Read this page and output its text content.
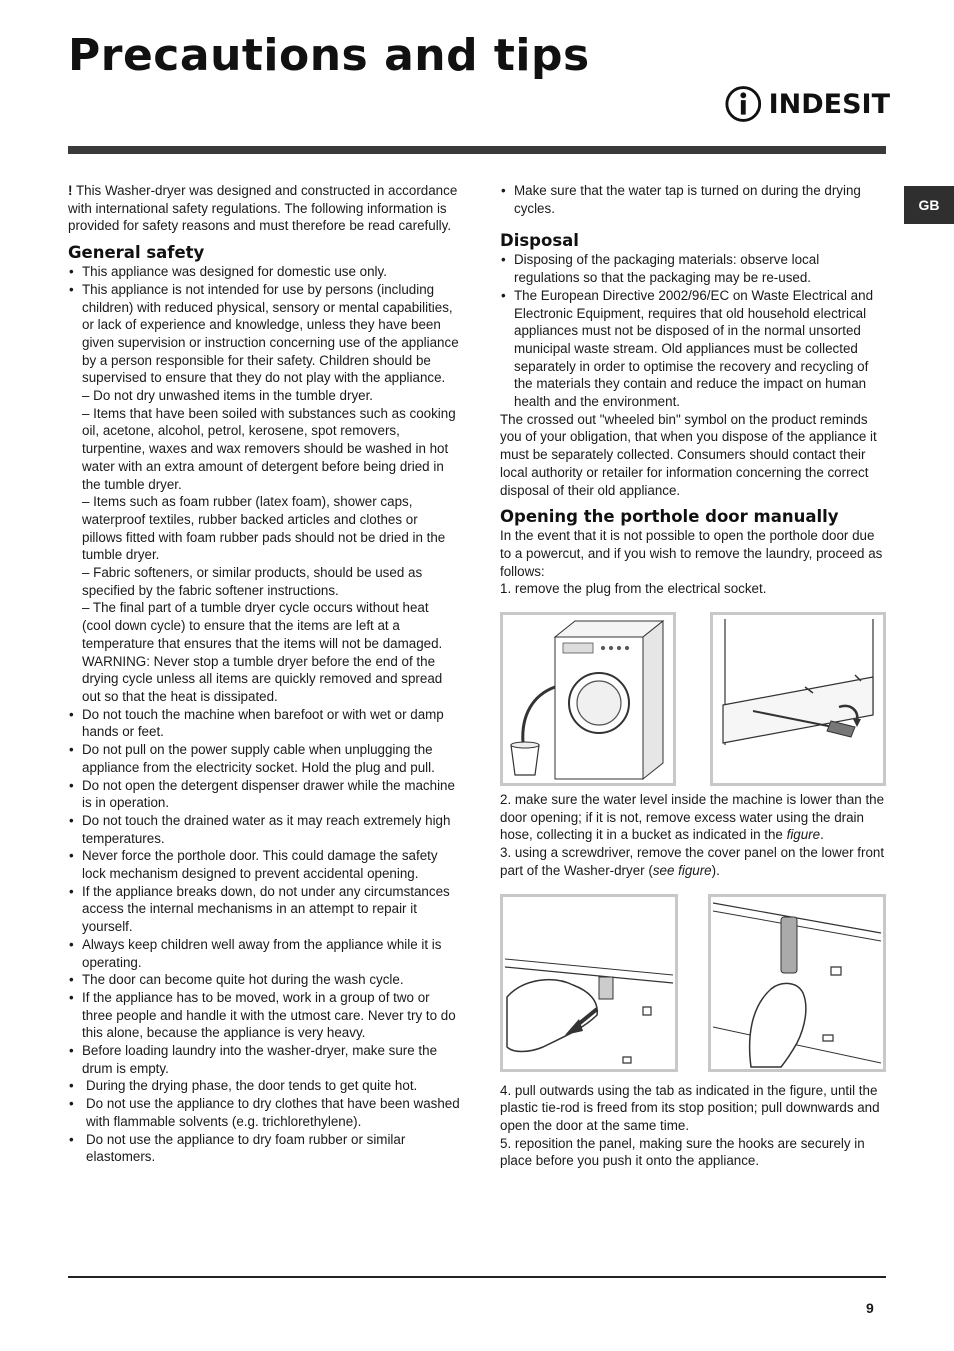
Precautions and tips
INDESIT
GB

! This Washer-dryer was designed and constructed in accordance with international safety regulations. The following information is provided for safety reasons and must therefore be read carefully.

General safety
• This appliance was designed for domestic use only.
• This appliance is not intended for use by persons (including children) with reduced physical, sensory or mental capabilities, or lack of experience and knowledge, unless they have been given supervision or instruction concerning use of the appliance by a person responsible for their safety. Children should be supervised to ensure that they do not play with the appliance.
– Do not dry unwashed items in the tumble dryer.
– Items that have been soiled with substances such as cooking oil, acetone, alcohol, petrol, kerosene, spot removers, turpentine, waxes and wax removers should be washed in hot water with an extra amount of detergent before being dried in the tumble dryer.
– Items such as foam rubber (latex foam), shower caps, waterproof textiles, rubber backed articles and clothes or pillows fitted with foam rubber pads should not be dried in the tumble dryer.
– Fabric softeners, or similar products, should be used as specified by the fabric softener instructions.
– The final part of a tumble dryer cycle occurs without heat (cool down cycle) to ensure that the items are left at a temperature that ensures that the items will not be damaged.
WARNING: Never stop a tumble dryer before the end of the drying cycle unless all items are quickly removed and spread out so that the heat is dissipated.
• Do not touch the machine when barefoot or with wet or damp hands or feet.
• Do not pull on the power supply cable when unplugging the appliance from the electricity socket. Hold the plug and pull.
• Do not open the detergent dispenser drawer while the machine is in operation.
• Do not touch the drained water as it may reach extremely high temperatures.
• Never force the porthole door. This could damage the safety lock mechanism designed to prevent accidental opening.
• If the appliance breaks down, do not under any circumstances access the internal mechanisms in an attempt to repair it yourself.
• Always keep children well away from the appliance while it is operating.
• The door can become quite hot during the wash cycle.
• If the appliance has to be moved, work in a group of two or three people and handle it with the utmost care. Never try to do this alone, because the appliance is very heavy.
• Before loading laundry into the washer-dryer, make sure the drum is empty.
• During the drying phase, the door tends to get quite hot.
• Do not use the appliance to dry clothes that have been washed with flammable solvents (e.g. trichlorethylene).
• Do not use the appliance to dry foam rubber or similar elastomers.
• Make sure that the water tap is turned on during the drying cycles.
Disposal
• Disposing of the packaging materials: observe local regulations so that the packaging may be re-used.
• The European Directive 2002/96/EC on Waste Electrical and Electronic Equipment, requires that old household electrical appliances must not be disposed of in the normal unsorted municipal waste stream. Old appliances must be collected separately in order to optimise the recovery and recycling of the materials they contain and reduce the impact on human health and the environment.

The crossed out "wheeled bin" symbol on the product reminds you of your obligation, that when you dispose of the appliance it must be separately collected. Consumers should contact their local authority or retailer for information concerning the correct disposal of their old appliance.

Opening the porthole door manually

In the event that it is not possible to open the porthole door due to a powercut, and if you wish to remove the laundry, proceed as follows:

1. remove the plug from the electrical socket.

2. make sure the water level inside the machine is lower than the door opening; if it is not, remove excess water using the drain hose, collecting it in a bucket as indicated in the figure.

3. using a screwdriver, remove the cover panel on the lower front part of the Washer-dryer (see figure).

4. pull outwards using the tab as indicated in the figure, until the plastic tie-rod is freed from its stop position; pull downwards and open the door at the same time.

5. reposition the panel, making sure the hooks are securely in place before you push it onto the appliance.

9
